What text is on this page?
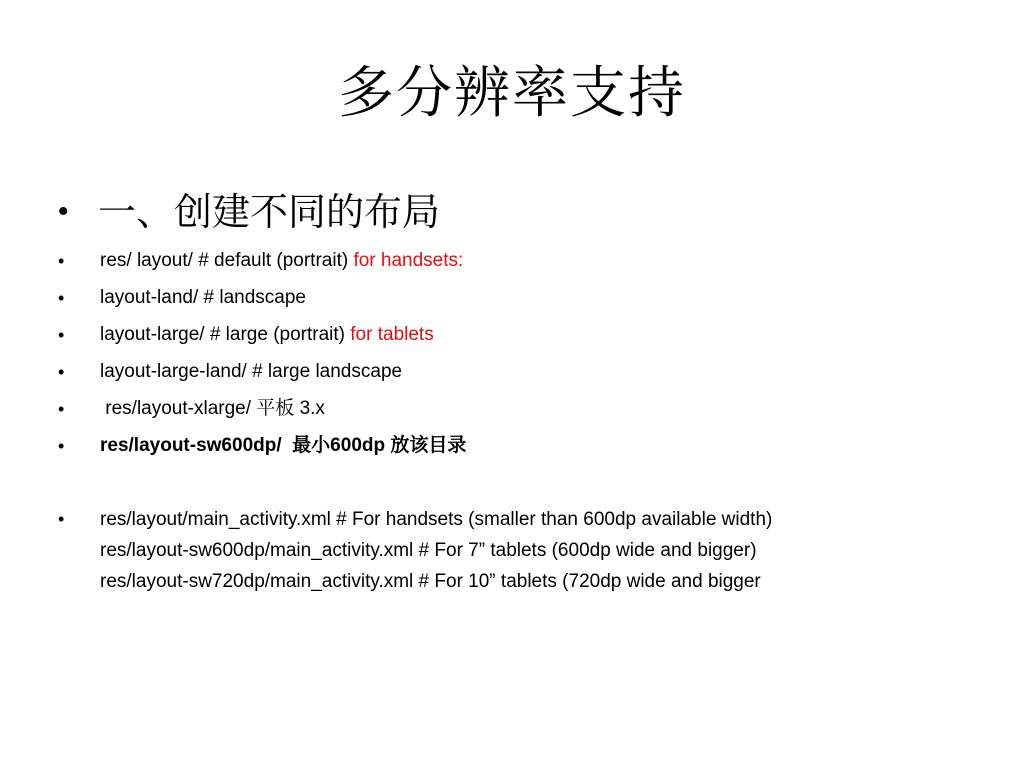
多分辨率支持
• 一、创建不同的布局
•	res/ layout/ # default (portrait) for handsets:
•	layout-land/ # landscape
•	layout-large/ # large (portrait) for tablets
•	layout-large-land/ # large landscape
•	res/layout-xlarge/ 平板 3.x
•	res/layout-sw600dp/  最小600dp 放该目录
•	res/layout/main_activity.xml # For handsets (smaller than 600dp available width)
res/layout-sw600dp/main_activity.xml # For 7” tablets (600dp wide and bigger)
res/layout-sw720dp/main_activity.xml # For 10” tablets (720dp wide and bigger
